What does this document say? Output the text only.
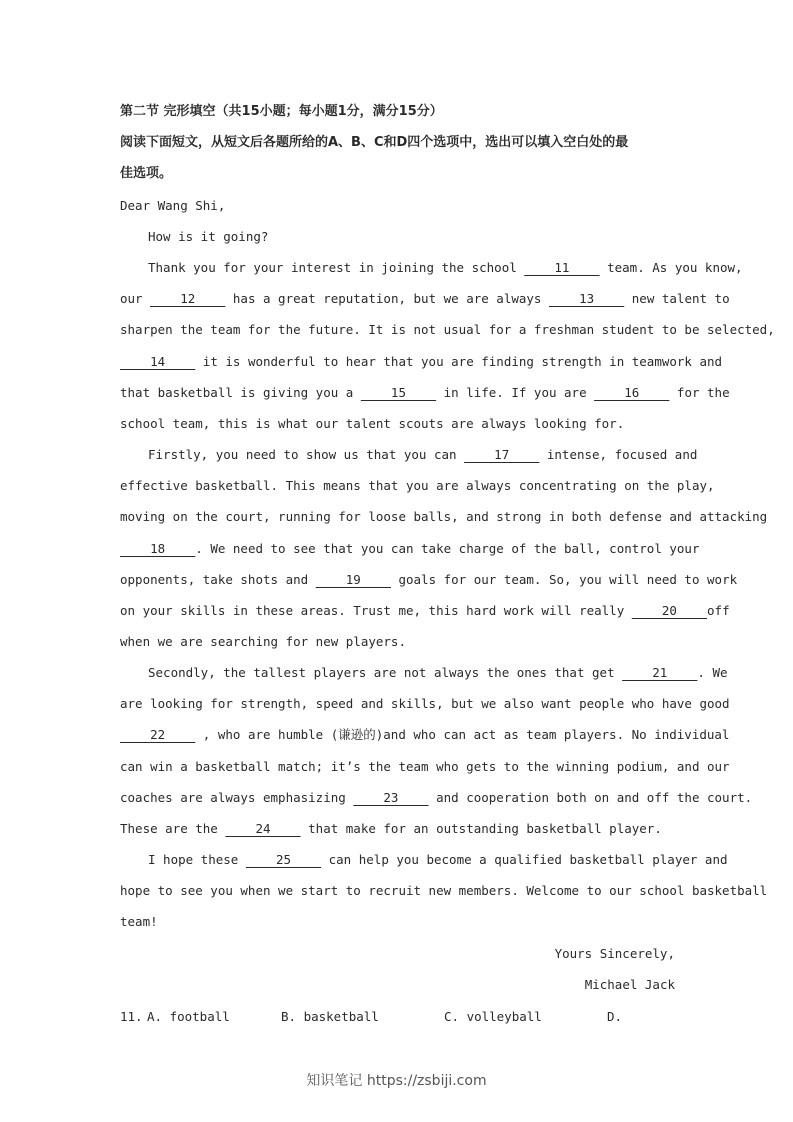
第二节 完形填空（共15小题；每小题1分，满分15分）
阅读下面短文，从短文后各题所给的A、B、C和D四个选项中，选出可以填入空白处的最
佳选项。
Dear Wang Shi,
How is it going?
Thank you for your interest in joining the school     11     team. As you know,
our     12     has a great reputation, but we are always     13     new talent to
sharpen the team for the future. It is not usual for a freshman student to be selected,
14     it is wonderful to hear that you are finding strength in teamwork and
that basketball is giving you a     15     in life. If you are     16     for the
school team, this is what our talent scouts are always looking for.
Firstly, you need to show us that you can     17     intense, focused and
effective basketball. This means that you are always concentrating on the play,
moving on the court, running for loose balls, and strong in both defense and attacking
18    . We need to see that you can take charge of the ball, control your
opponents, take shots and     19     goals for our team. So, you will need to work
on your skills in these areas. Trust me, this hard work will really     20    off
when we are searching for new players.
Secondly, the tallest players are not always the ones that get     21    . We
are looking for strength, speed and skills, but we also want people who have good
22     , who are humble (谦逊的)and who can act as team players. No individual
can win a basketball match; it’s the team who gets to the winning podium, and our
coaches are always emphasizing     23     and cooperation both on and off the court.
These are the     24     that make for an outstanding basketball player.
I hope these     25     can help you become a qualified basketball player and
hope to see you when we start to recruit new members. Welcome to our school basketball
team!
Yours Sincerely,
Michael Jack
11. A. football	B. basketball	C. volleyball	D.
知识笔记 https://zsbiji.com
